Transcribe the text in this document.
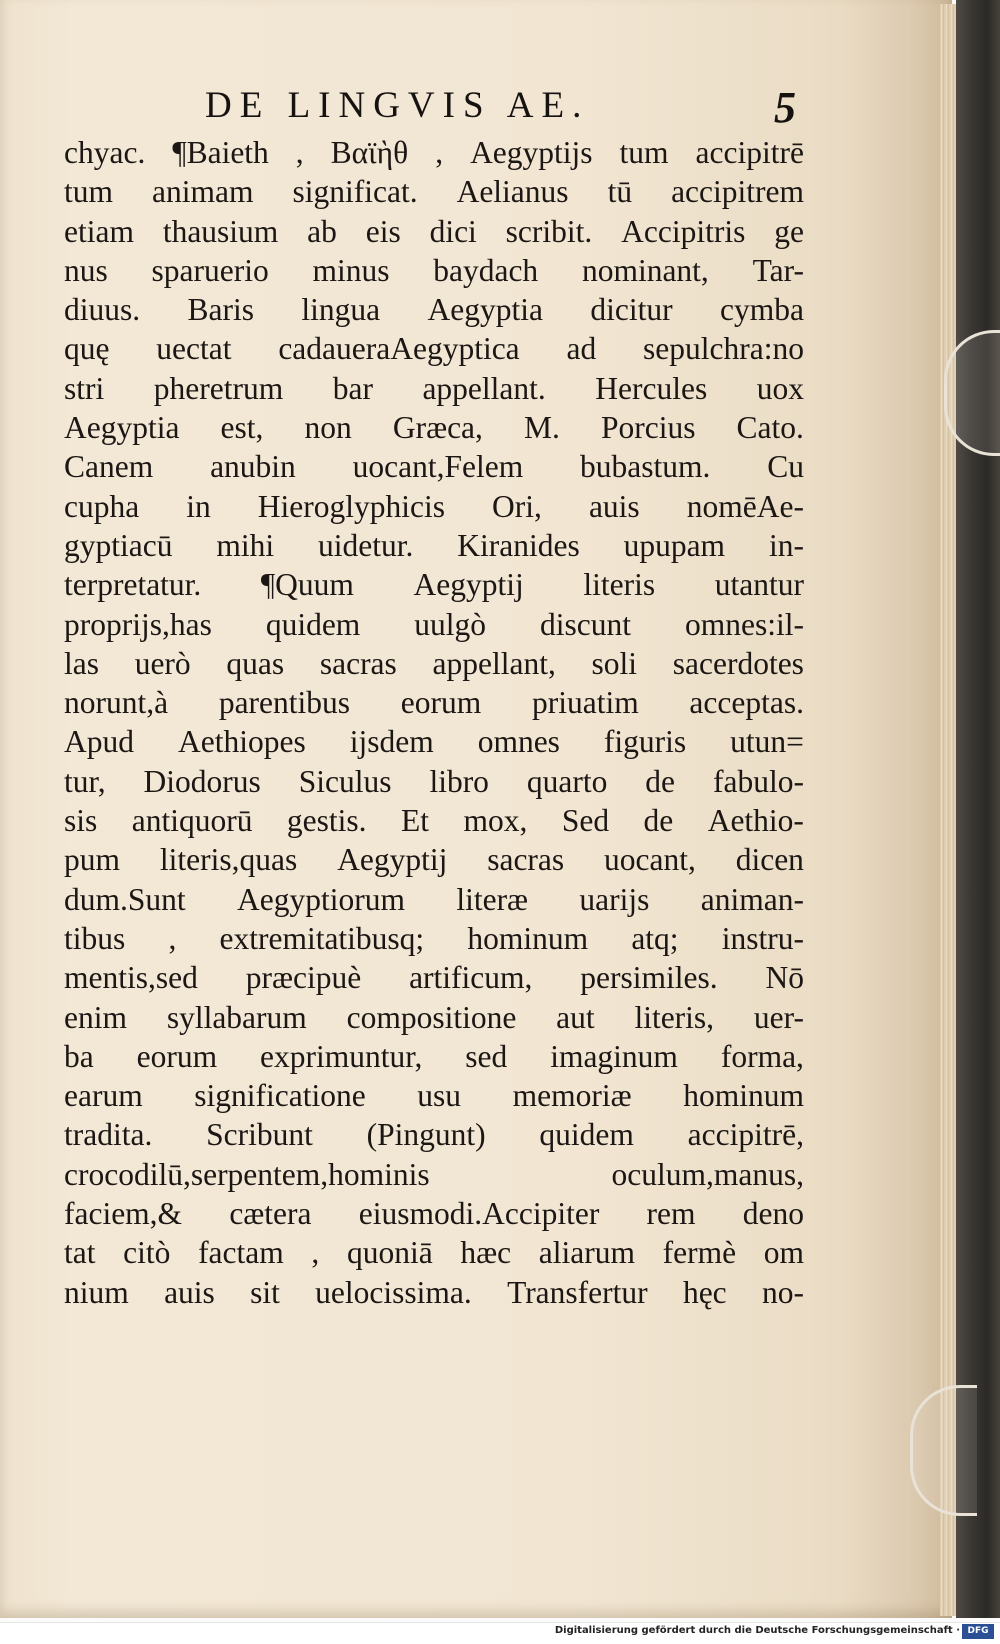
DE LINGVIS AE.	5
chyac. ¶Baieth , Βαϊὴθ , Aegyptijs tum accipitrē
tum animam significat. Aelianus tū accipitrem
etiam thausium ab eis dici scribit. Accipitris ge
nus sparuerio minus baydach nominant, Tar-
diuus. Baris lingua Aegyptia dicitur cymba
quę uectat cadaueraAegyptica ad sepulchra:no
stri pheretrum bar appellant. Hercules uox
Aegyptia est, non Græca, M. Porcius Cato.
Canem anubin uocant,Felem bubastum. Cu
cupha in Hieroglyphicis Ori, auis nomēAe-
gyptiacū mihi uidetur. Kiranides upupam in-
terpretatur. ¶Quum Aegyptij literis utantur
proprijs,has quidem uulgò discunt omnes:il-
las uerò quas sacras appellant, soli sacerdotes
norunt,à parentibus eorum priuatim acceptas.
Apud Aethiopes ijsdem omnes figuris utun=
tur, Diodorus Siculus libro quarto de fabulo-
sis antiquorū gestis. Et mox, Sed de Aethio-
pum literis,quas Aegyptij sacras uocant, dicen
dum.Sunt Aegyptiorum literæ uarijs animan-
tibus , extremitatibusq; hominum atq; instru-
mentis,sed præcipuè artificum, persimiles. Nō
enim syllabarum compositione aut literis, uer-
ba eorum exprimuntur, sed imaginum forma,
earum significatione usu memoriæ hominum
tradita. Scribunt (Pingunt) quidem accipitrē,
crocodilū,serpentem,hominis	oculum,manus,
faciem,& cætera eiusmodi.Accipiter rem deno
tat citò factam , quoniā hæc aliarum fermè om
nium auis sit uelocissima. Transfertur hęc no-
Digitalisierung gefördert durch die Deutsche Forschungsgemeinschaft · DFG
